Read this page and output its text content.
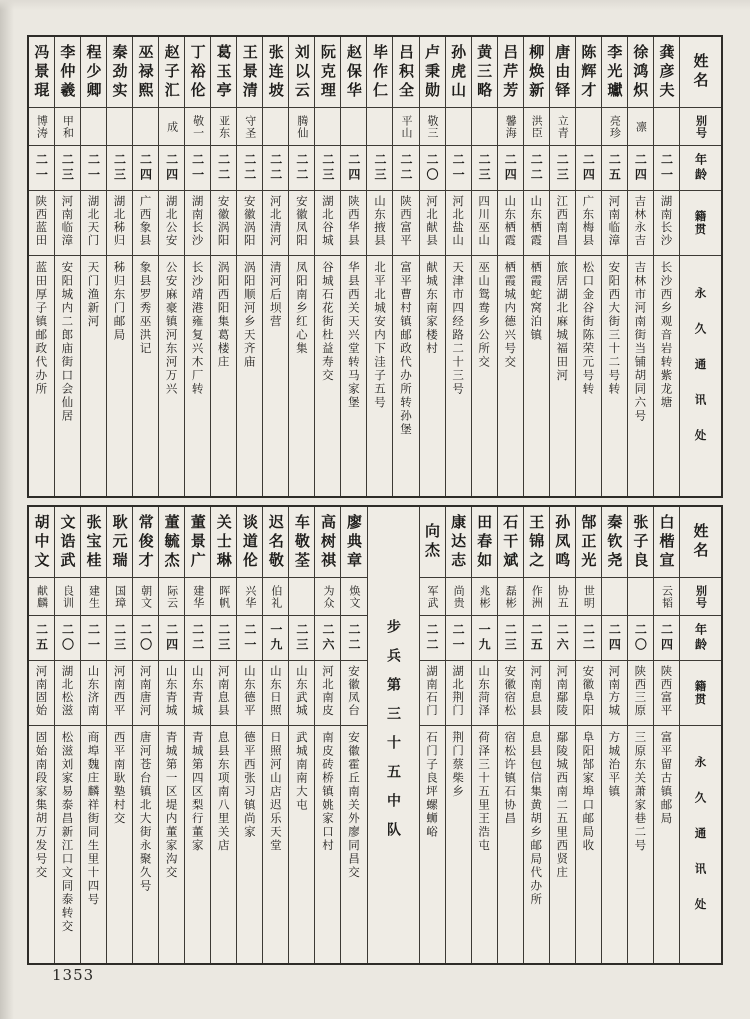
姓名
别号
年龄
籍贯
永久通讯处
龚彦夫
二一
湖南长沙
长沙西乡观音岩转紫龙塘
徐鸿炽
凛
二四
吉林永吉
吉林市河南街当铺胡同六号
李光瓛
亮珍
二五
河南临漳
安阳西大街三十二号转
陈辉才
二四
广东梅县
松口金谷街陈荣元号转
唐由铎
立青
二三
江西南昌
旅居湖北麻城福田河
柳焕新
洪臣
二二
山东栖霞
栖霞蛇窝泊镇
吕芹芳
馨海
二四
山东栖霞
栖霞城内德兴号交
黄三略
二三
四川巫山
巫山鸳鸯乡公所交
孙虎山
二一
河北盐山
天津市四经路二十三号
卢秉勋
敬三
二〇
河北献县
献城东南家楼村
吕积全
平山
二二
陕西富平
富平曹村镇邮政代办所转孙堡
毕作仁
二三
山东掖县
北平北城安内下洼子五号
赵保华
二四
陕西华县
华县西关天兴堂转马家堡
阮克理
二三
湖北谷城
谷城石花街杜益寿交
刘以云
腾仙
二二
安徽凤阳
凤阳南乡红心集
张连坡
二二
河北清河
清河后坝营
王景清
守圣
二二
安徽涡阳
涡阳顺河乡天齐庙
葛玉亭
亚东
二二
安徽涡阳
涡阳西阳集葛楼庄
丁裕伦
敬一
二一
湖南长沙
长沙靖港雍复兴木厂转
赵子汇
成
二四
湖北公安
公安麻豪镇河东河万兴
巫禄熙
二四
广西象县
象县罗秀巫洪记
秦劲实
二三
湖北秭归
秭归东门邮局
程少卿
二一
湖北天门
天门渔新河
李仲羲
甲和
二三
河南临漳
安阳城内二郎庙街口会仙居
冯景琨
博涛
二一
陕西蓝田
蓝田厚子镇邮政代办所
姓名
别号
年龄
籍贯
永久通讯处
白楷宣
云韬
二四
陕西富平
富平留古镇邮局
张子良
二〇
陕西三原
三原东关萧家巷二号
秦钦尧
二四
河南方城
方城治平镇
郜正光
世明
二二
安徽阜阳
阜阳郜家埠口邮局收
孙凤鸣
协五
二六
河南鄢陵
鄢陵城西南二五里西贤庄
王锦之
作洲
二五
河南息县
息县包信集黄胡乡邮局代办所
石干斌
磊彬
二三
安徽宿松
宿松许镇石协昌
田春如
兆彬
一九
山东菏泽
荷泽三十五里王浩屯
康达志
尚贵
二一
湖北荆门
荆门蔡柴乡
向杰
军武
二二
湖南石门
石门子良坪螺蛳峪
步兵第三十五中队
廖典章
焕文
二二
安徽凤台
安徽霍丘南关外廖同昌交
高树祺
为众
二六
河北南皮
南皮砖桥镇姚家口村
车敬荃
二三
山东武城
武城南南大屯
迟名敬
伯礼
一九
山东日照
日照河山店迟乐天堂
谈道伦
兴华
二一
山东德平
德平西张习镇尚家
关士琳
晖帆
二三
河南息县
息县东项南八里关店
董景广
建华
二二
山东青城
青城第四区梨行董家
董毓杰
际云
二四
山东青城
青城第一区堤内董家沟交
常俊才
朝文
二〇
河南唐河
唐河苍台镇北大街永聚久号
耿元瑞
国璋
二三
河南西平
西平南耿塾村交
张宝桂
建生
二一
山东济南
商埠魏庄麟祥街同生里十四号
文诰武
良训
二〇
湖北松滋
松滋刘家易泰昌新江口文同泰转交
胡中文
献麟
二五
河南固始
固始南段家集胡万发号交
1353
